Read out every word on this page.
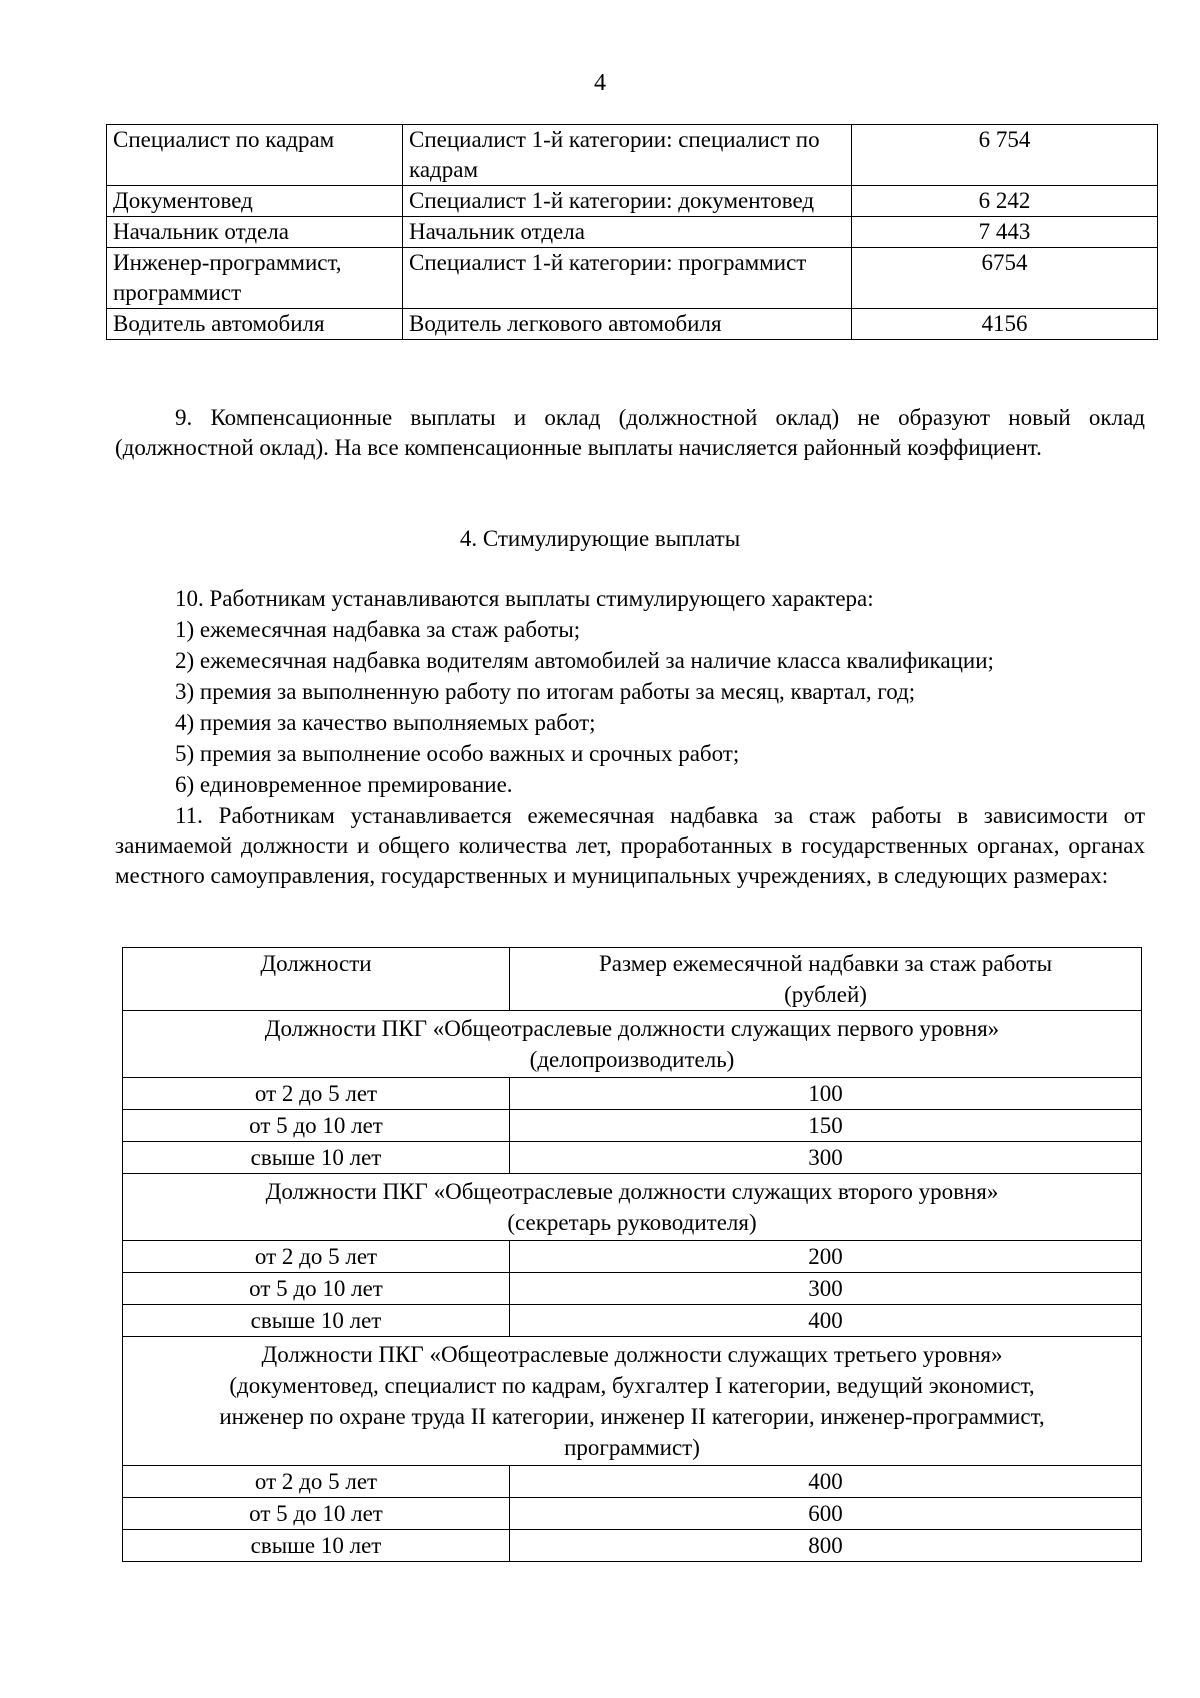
4
Специалист по кадрам	Специалист 1-й категории: специалист по кадрам	6 754
Документовед	Специалист 1-й категории: документовед	6 242
Начальник отдела	Начальник отдела	7 443
Инженер-программист, программист	Специалист 1-й категории: программист	6754
Водитель автомобиля	Водитель легкового автомобиля	4156
9. Компенсационные выплаты и оклад (должностной оклад) не образуют новый оклад (должностной оклад). На все компенсационные выплаты начисляется районный коэффициент.
4. Стимулирующие выплаты
10. Работникам устанавливаются выплаты стимулирующего характера:
1) ежемесячная надбавка за стаж работы;
2) ежемесячная надбавка водителям автомобилей за наличие класса квалификации;
3) премия за выполненную работу по итогам работы за месяц, квартал, год;
4) премия за качество выполняемых работ;
5) премия за выполнение особо важных и срочных работ;
6) единовременное премирование.
11. Работникам устанавливается ежемесячная надбавка за стаж работы в зависимости от занимаемой должности и общего количества лет, проработанных в государственных органах, органах местного самоуправления, государственных и муниципальных учреждениях, в следующих размерах:
Должности	Размер ежемесячной надбавки за стаж работы
(рублей)

Должности ПКГ «Общеотраслевые должности служащих первого уровня»
(делопроизводитель)	

от 2 до 5 лет	100
от 5 до 10 лет	150
свыше 10 лет	300

Должности ПКГ «Общеотраслевые должности служащих второго уровня»
(секретарь руководителя)	

от 2 до 5 лет	200
от 5 до 10 лет	300
свыше 10 лет	400

Должности ПКГ «Общеотраслевые должности служащих третьего уровня»
(документовед, специалист по кадрам, бухгалтер I категории, ведущий экономист,
инженер по охране труда II категории, инженер II категории, инженер-программист,
программист)	

от 2 до 5 лет	400
от 5 до 10 лет	600
свыше 10 лет	800
